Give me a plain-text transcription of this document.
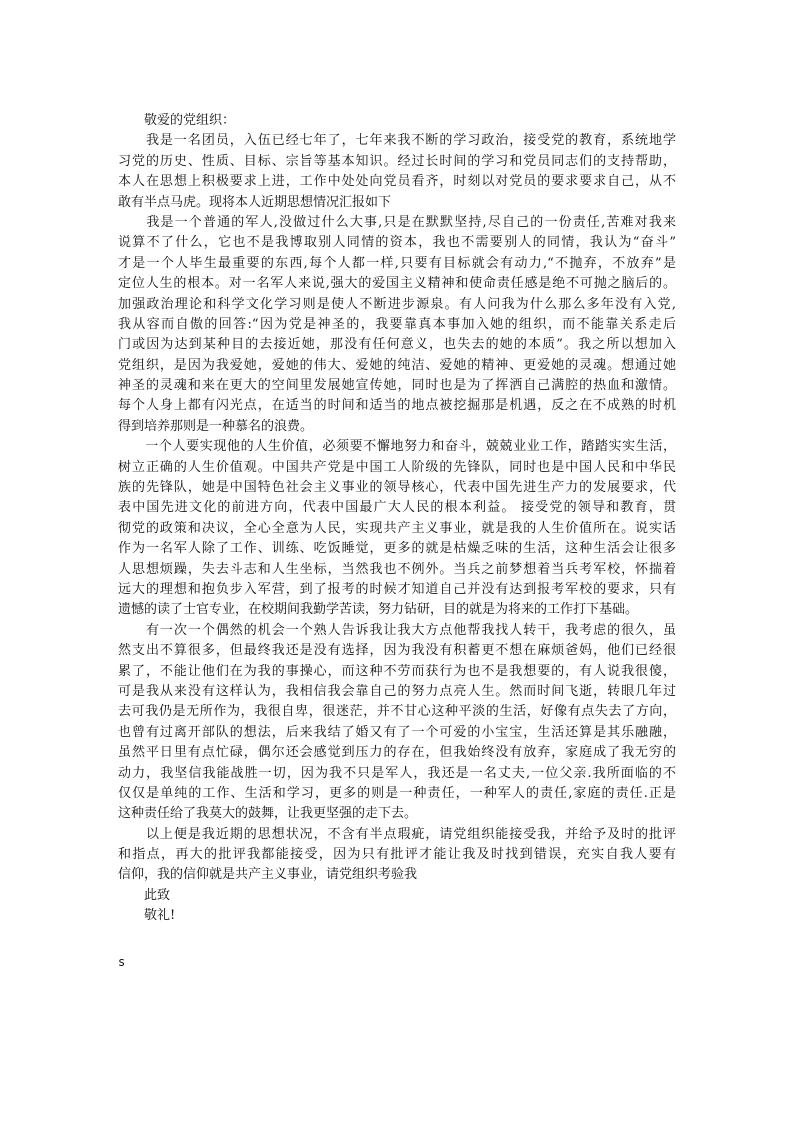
敬爱的党组织：
　　我是一名团员，入伍已经七年了，七年来我不断的学习政治，接受党的教育，系统地学
习党的历史、性质、目标、宗旨等基本知识。经过长时间的学习和党员同志们的支持帮助，
本人在思想上积极要求上进，工作中处处向党员看齐，时刻以对党员的要求要求自己，从不
敢有半点马虎。现将本人近期思想情况汇报如下
　　我是一个普通的军人,没做过什么大事,只是在默默坚持,尽自己的一份责任,苦难对我来
说算不了什么，它也不是我博取别人同情的资本，我也不需要别人的同情，我认为“奋斗”
才是一个人毕生最重要的东西,每个人都一样,只要有目标就会有动力,“不抛弃，不放弃”是
定位人生的根本。对一名军人来说,强大的爱国主义精神和使命责任感是绝不可抛之脑后的。
加强政治理论和科学文化学习则是使人不断进步源泉。有人问我为什么那么多年没有入党,
我从容而自傲的回答:“因为党是神圣的，我要靠真本事加入她的组织，而不能靠关系走后
门或因为达到某种目的去接近她，那没有任何意义，也失去的她的本质”。我之所以想加入
党组织，是因为我爱她，爱她的伟大、爱她的纯洁、爱她的精神、更爱她的灵魂。想通过她
神圣的灵魂和来在更大的空间里发展她宣传她，同时也是为了挥洒自己满腔的热血和激情。
每个人身上都有闪光点，在适当的时间和适当的地点被挖掘那是机遇，反之在不成熟的时机
得到培养那则是一种慕名的浪费。
　　一个人要实现他的人生价值，必须要不懈地努力和奋斗，兢兢业业工作，踏踏实实生活，
树立正确的人生价值观。中国共产党是中国工人阶级的先锋队，同时也是中国人民和中华民
族的先锋队，她是中国特色社会主义事业的领导核心，代表中国先进生产力的发展要求，代
表中国先进文化的前进方向，代表中国最广大人民的根本利益。 接受党的领导和教育，贯
彻党的政策和决议，全心全意为人民，实现共产主义事业，就是我的人生价值所在。说实话
作为一名军人除了工作、训练、吃饭睡觉，更多的就是枯燥乏味的生活，这种生活会让很多
人思想烦躁，失去斗志和人生坐标，当然我也不例外。当兵之前梦想着当兵考军校，怀揣着
远大的理想和抱负步入军营，到了报考的时候才知道自己并没有达到报考军校的要求，只有
遗憾的读了士官专业，在校期间我勤学苦读，努力钻研，目的就是为将来的工作打下基础。
　　有一次一个偶然的机会一个熟人告诉我让我大方点他帮我找人转干，我考虑的很久，虽
然支出不算很多，但最终我还是没有选择，因为我没有积蓄更不想在麻烦爸妈，他们已经很
累了，不能让他们在为我的事操心，而这种不劳而获行为也不是我想要的，有人说我很傻，
可是我从来没有这样认为，我相信我会靠自己的努力点亮人生。然而时间飞逝，转眼几年过
去可我仍是无所作为，我很自卑，很迷茫，并不甘心这种平淡的生活，好像有点失去了方向，
也曾有过离开部队的想法，后来我结了婚又有了一个可爱的小宝宝，生活还算是其乐融融，
虽然平日里有点忙碌，偶尔还会感觉到压力的存在，但我始终没有放弃，家庭成了我无穷的
动力，我坚信我能战胜一切，因为我不只是军人，我还是一名丈夫,一位父亲.我所面临的不
仅仅是单纯的工作、生活和学习，更多的则是一种责任，一种军人的责任,家庭的责任.正是
这种责任给了我莫大的鼓舞，让我更坚强的走下去。
　　以上便是我近期的思想状况，不含有半点瑕疵，请党组织能接受我，并给予及时的批评
和指点，再大的批评我都能接受，因为只有批评才能让我及时找到错误，充实自我人要有
信仰，我的信仰就是共产主义事业，请党组织考验我
此致
敬礼!
s
